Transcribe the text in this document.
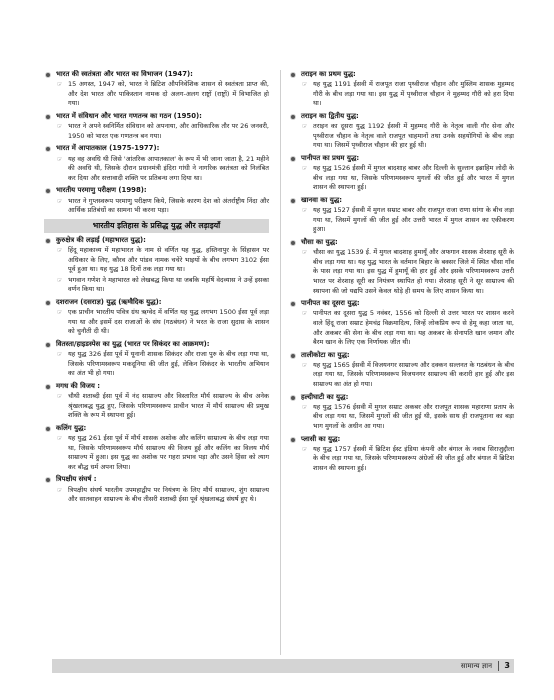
भारत की स्वतंत्रता और भारत का विभाजन (1947):
☞ 15 अगस्त, 1947 को, भारत ने ब्रिटिश औपनिवेशिक शासन से स्वतंत्रता प्राप्त की, और देश भारत और पाकिस्तान नामक दो अलग-अलग राष्ट्रों (राष्ट्रों) में विभाजित हो गया।
भारत में संविधान और भारत गणतन्त्र का गठन (1950):
☞ भारत ने अपने स्वनिर्मित संविधान को अपनाया, और आधिकारिक तौर पर 26 जनवरी, 1950 को भारत एक गणतन्त्र बन गया।
भारत में आपातकाल (1975-1977):
☞ यह वह अवधि थी जिसे 'आंतरिक आपातकाल' के रूप में भी जाना जाता है, 21 महीने की अवधि थी, जिसके दौरान प्रधानमंत्री इंदिरा गांधी ने नागरिक स्वतंत्रता को निलंबित कर दिया और सत्तावादी शक्ति पर प्रतिबन्ध लगा दिया था।
भारतीय परमाणु परीक्षण (1998):
☞ भारत ने गुप्तस्वरूप परमाणु परीक्षण किये, जिसके कारण देश को अंतर्राष्ट्रीय निंदा और आर्थिक प्रतिबंधों का सामना भी करना पड़ा।
भारतीय इतिहास के प्रसिद्ध युद्ध और लड़ाइयाँ
कुरुक्षेत्र की लड़ाई (महाभारत युद्ध):
☞ हिंदू महाकाव्य में महाभारत के नाम से वर्णित यह युद्ध, हस्तिनापुर के सिंहासन पर अधिकार के लिए, कौरव और पांडव नामक चचेरे भाइयों के बीच लगभग 3102 ईसा पूर्व हुआ था। यह युद्ध 18 दिनों तक लड़ा गया था।
☞ भगवान गणेश ने महाभारत को लेखबद्ध किया था जबकि महर्षि वेदव्यास ने उन्हें इसका वर्णन किया था।
दशराजन (दसराज्ञ) युद्ध (ऋग्वैदिक युद्ध):
☞ एक प्राचीन भारतीय पवित्र ग्रंथ ऋग्वेद में वर्णित यह युद्ध लगभग 1500 ईसा पूर्व लड़ा गया था और इसमें दस राजाओं के संघ (गठबंधन) ने भरत के राजा सुदास के शासन को चुनौती दी थी।
वितस्ता/हाइडस्पेस का युद्ध (भारत पर सिकंदर का आक्रमण):
☞ यह युद्ध 326 ईसा पूर्व में यूनानी शासक सिकंदर और राजा पुरु के बीच लड़ा गया था, जिसके परिणामस्वरूप मकदूनिया की जीत हुई, लेकिन सिकंदर के भारतीय अभियान का अंत भी हो गया।
मगध की विजय :
☞ चौथी शताब्दी ईसा पूर्व में नंद साम्राज्य और विस्तारित मौर्य साम्राज्य के बीच अनेक श्रृंखलाबद्ध युद्ध हुए, जिसके परिणामस्वरूप प्राचीन भारत में मौर्य साम्राज्य की प्रमुख शक्ति के रूप में स्थापना हुई।
कलिंग युद्ध:
☞ यह युद्ध 261 ईसा पूर्व में मौर्य शासक अशोक और कलिंग साम्राज्य के बीच लड़ा गया था, जिसके परिणामस्वरूप मौर्य साम्राज्य की विजय हुई और कलिंग का विलय मौर्य साम्राज्य में हुआ। इस युद्ध का अशोक पर गहरा प्रभाव पड़ा और उसने हिंसा को त्याग कर बौद्ध धर्म अपना लिया।
त्रिपक्षीय संघर्ष :
☞ त्रिपक्षीय संघर्ष भारतीय उपमहाद्वीप पर नियंत्रण के लिए मौर्य साम्राज्य, शुंग साम्राज्य और सातवाहन साम्राज्य के बीच तीसरी शताब्दी ईसा पूर्व श्रृंखलाबद्ध संघर्ष हुए थे।
तराइन का प्रथम युद्ध:
☞ यह युद्ध 1191 ईसवी में राजपूत राजा पृथ्वीराज चौहान और मुस्लिम शासक मुहम्मद गौरी के बीच लड़ा गया था। इस युद्ध में पृथ्वीराज चौहान ने मुहम्मद गौरी को हरा दिया था।
तराइन का द्वितीय युद्ध:
☞ तराइन का दूसरा युद्ध 1192 ईसवी में मुहम्मद गौरी के नेतृत्व वाली गौर सेना और पृथ्वीराज चौहान के नेतृत्व वाले राजपूत चाहमानों तथा उनके सहयोगियों के बीच लड़ा गया था। जिसमें पृथ्वीराज चौहान की हार हुई थी।
पानीपत का प्रथम युद्ध:
☞ यह युद्ध 1526 ईसवी में मुगल बादशाह बाबर और दिल्ली के सुल्तान इब्राहिम लोदी के बीच लड़ा गया था, जिसके परिणामस्वरूप मुगलों की जीत हुई और भारत में मुगल शासन की स्थापना हुई।
खानवा का युद्ध:
☞ यह युद्ध 1527 ईसवी में मुगल सम्राट बाबर और राजपूत राजा राणा सांगा के बीच लड़ा गया था, जिसमें मुगलों की जीत हुई और उत्तरी भारत में मुगल शासन का एकीकरण हुआ।
चौसा का युद्ध:
☞ चौसा का युद्ध 1539 ई. में मुगल बादशाह हुमायूँ और अफगान शासक शेरशाह सूरी के बीच लड़ा गया था। यह युद्ध भारत के वर्तमान बिहार के बक्सर जिले में स्थित चौसा गाँव के पास लड़ा गया था। इस युद्ध में हुमायूँ की हार हुई और इसके परिणामस्वरूप उत्तरी भारत पर शेरशाह सूरी का नियंत्रण स्थापित हो गया। शेरशाह सूरी ने सूर साम्राज्य की स्थापना की जो यद्यपि उसने केवल थोड़े ही समय के लिए शासन किया था।
पानीपत का दूसरा युद्ध:
☞ पानीपत का दूसरा युद्ध 5 नवंबर, 1556 को दिल्ली से उत्तर भारत पर शासन करने वाले हिंदू राजा सम्राट हेमचंद्र विक्रमादित्य, जिन्हें लोकप्रिय रूप से हेमू कहा जाता था, और अकबर की सेना के बीच लड़ा गया था। यह अकबर के सेनापति खान जमान और बैरम खान के लिए एक निर्णायक जीत थी।
तालीकोटा का युद्ध:
☞ यह युद्ध 1565 ईसवी में विजयनगर साम्राज्य और दक्कन सल्तनत के गठबंधन के बीच लड़ा गया था, जिसके परिणामस्वरूप विजयनगर साम्राज्य की करारी हार हुई और इस साम्राज्य का अंत हो गया।
हल्दीघाटी का युद्ध:
☞ यह युद्ध 1576 ईसवी में मुगल सम्राट अकबर और राजपूत शासक महाराणा प्रताप के बीच लड़ा गया था, जिसमें मुगलों की जीत हुई थी, इसके साथ ही राजपूताना का बड़ा भाग मुगलों के अधीन आ गया।
प्लासी का युद्ध:
☞ यह युद्ध 1757 ईसवी में ब्रिटिश ईस्ट इंडिया कंपनी और बंगाल के नवाब सिराजुद्दौला के बीच लड़ा गया था, जिसके परिणामस्वरूप अंग्रेजों की जीत हुई और बंगाल में ब्रिटिश शासन की स्थापना हुई।
सामान्य ज्ञान 3
